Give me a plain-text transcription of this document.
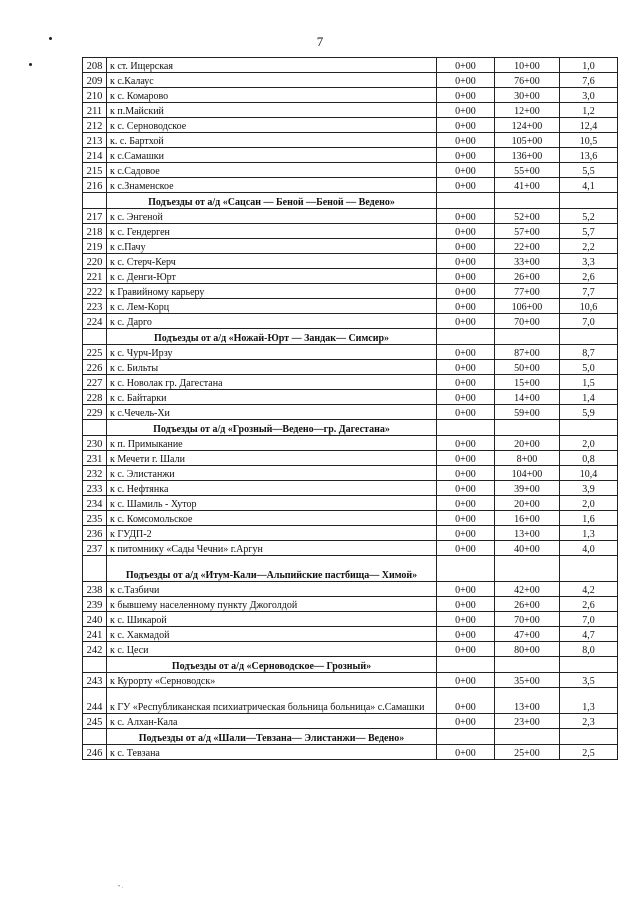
7
208	к ст. Ищерская	0+00	10+00	1,0
209	к с.Калаус	0+00	76+00	7,6
210	к с. Комарово	0+00	30+00	3,0
211	к п.Майский	0+00	12+00	1,2
212	к с. Серноводское	0+00	124+00	12,4
213	к. с. Бартхой	0+00	105+00	10,5
214	к с.Самашки	0+00	136+00	13,6
215	к с.Садовое	0+00	55+00	5,5
216	к с.Знаменское	0+00	41+00	4,1
	Подъезды от а/д «Сацсан — Беной —Беной — Ведено»			
217	к с. Энгеной	0+00	52+00	5,2
218	к с. Гендерген	0+00	57+00	5,7
219	к с.Пачу	0+00	22+00	2,2
220	к с. Стерч-Керч	0+00	33+00	3,3
221	к с. Денги-Юрт	0+00	26+00	2,6
222	к Гравийному карьеру	0+00	77+00	7,7
223	к с. Лем-Корц	0+00	106+00	10,6
224	к с. Дарго	0+00	70+00	7,0
	Подъезды от а/д «Ножай-Юрт — Зандак— Симсир»			
225	к с. Чурч-Ирзу	0+00	87+00	8,7
226	к с. Бильты	0+00	50+00	5,0
227	к с. Новолак гр. Дагестана	0+00	15+00	1,5
228	к с. Байтарки	0+00	14+00	1,4
229	к с.Чечель-Хи	0+00	59+00	5,9
	Подъезды от а/д «Грозный—Ведено—гр. Дагестана»			
230	к п. Примыкание	0+00	20+00	2,0
231	к Мечети г. Шали	0+00	8+00	0,8
232	к с. Элистанжи	0+00	104+00	10,4
233	к с. Нефтянка	0+00	39+00	3,9
234	к с. Шамиль - Хутор	0+00	20+00	2,0
235	к с. Комсомольское	0+00	16+00	1,6
236	к ГУДП-2	0+00	13+00	1,3
237	к питомнику «Сады Чечни» г.Аргун	0+00	40+00	4,0
	Подъезды от а/д «Итум-Кали—Альпийские пастбища— Химой»			
238	к с.Тазбичи	0+00	42+00	4,2
239	к бывшему населенному пункту Джоголдой	0+00	26+00	2,6
240	к с. Шикарой	0+00	70+00	7,0
241	к с. Хакмадой	0+00	47+00	4,7
242	к с. Цеси	0+00	80+00	8,0
	Подъезды от а/д «Серноводское— Грозный»			
243	к Курорту «Серноводск»	0+00	35+00	3,5
244	к ГУ «Республиканская психиатрическая больница больница» с.Самашки	0+00	13+00	1,3
245	к с. Алхан-Кала	0+00	23+00	2,3
	Подъезды от а/д «Шали—Тевзана— Элистанжи— Ведено»			
246	к с. Тевзана	0+00	25+00	2,5
• .
